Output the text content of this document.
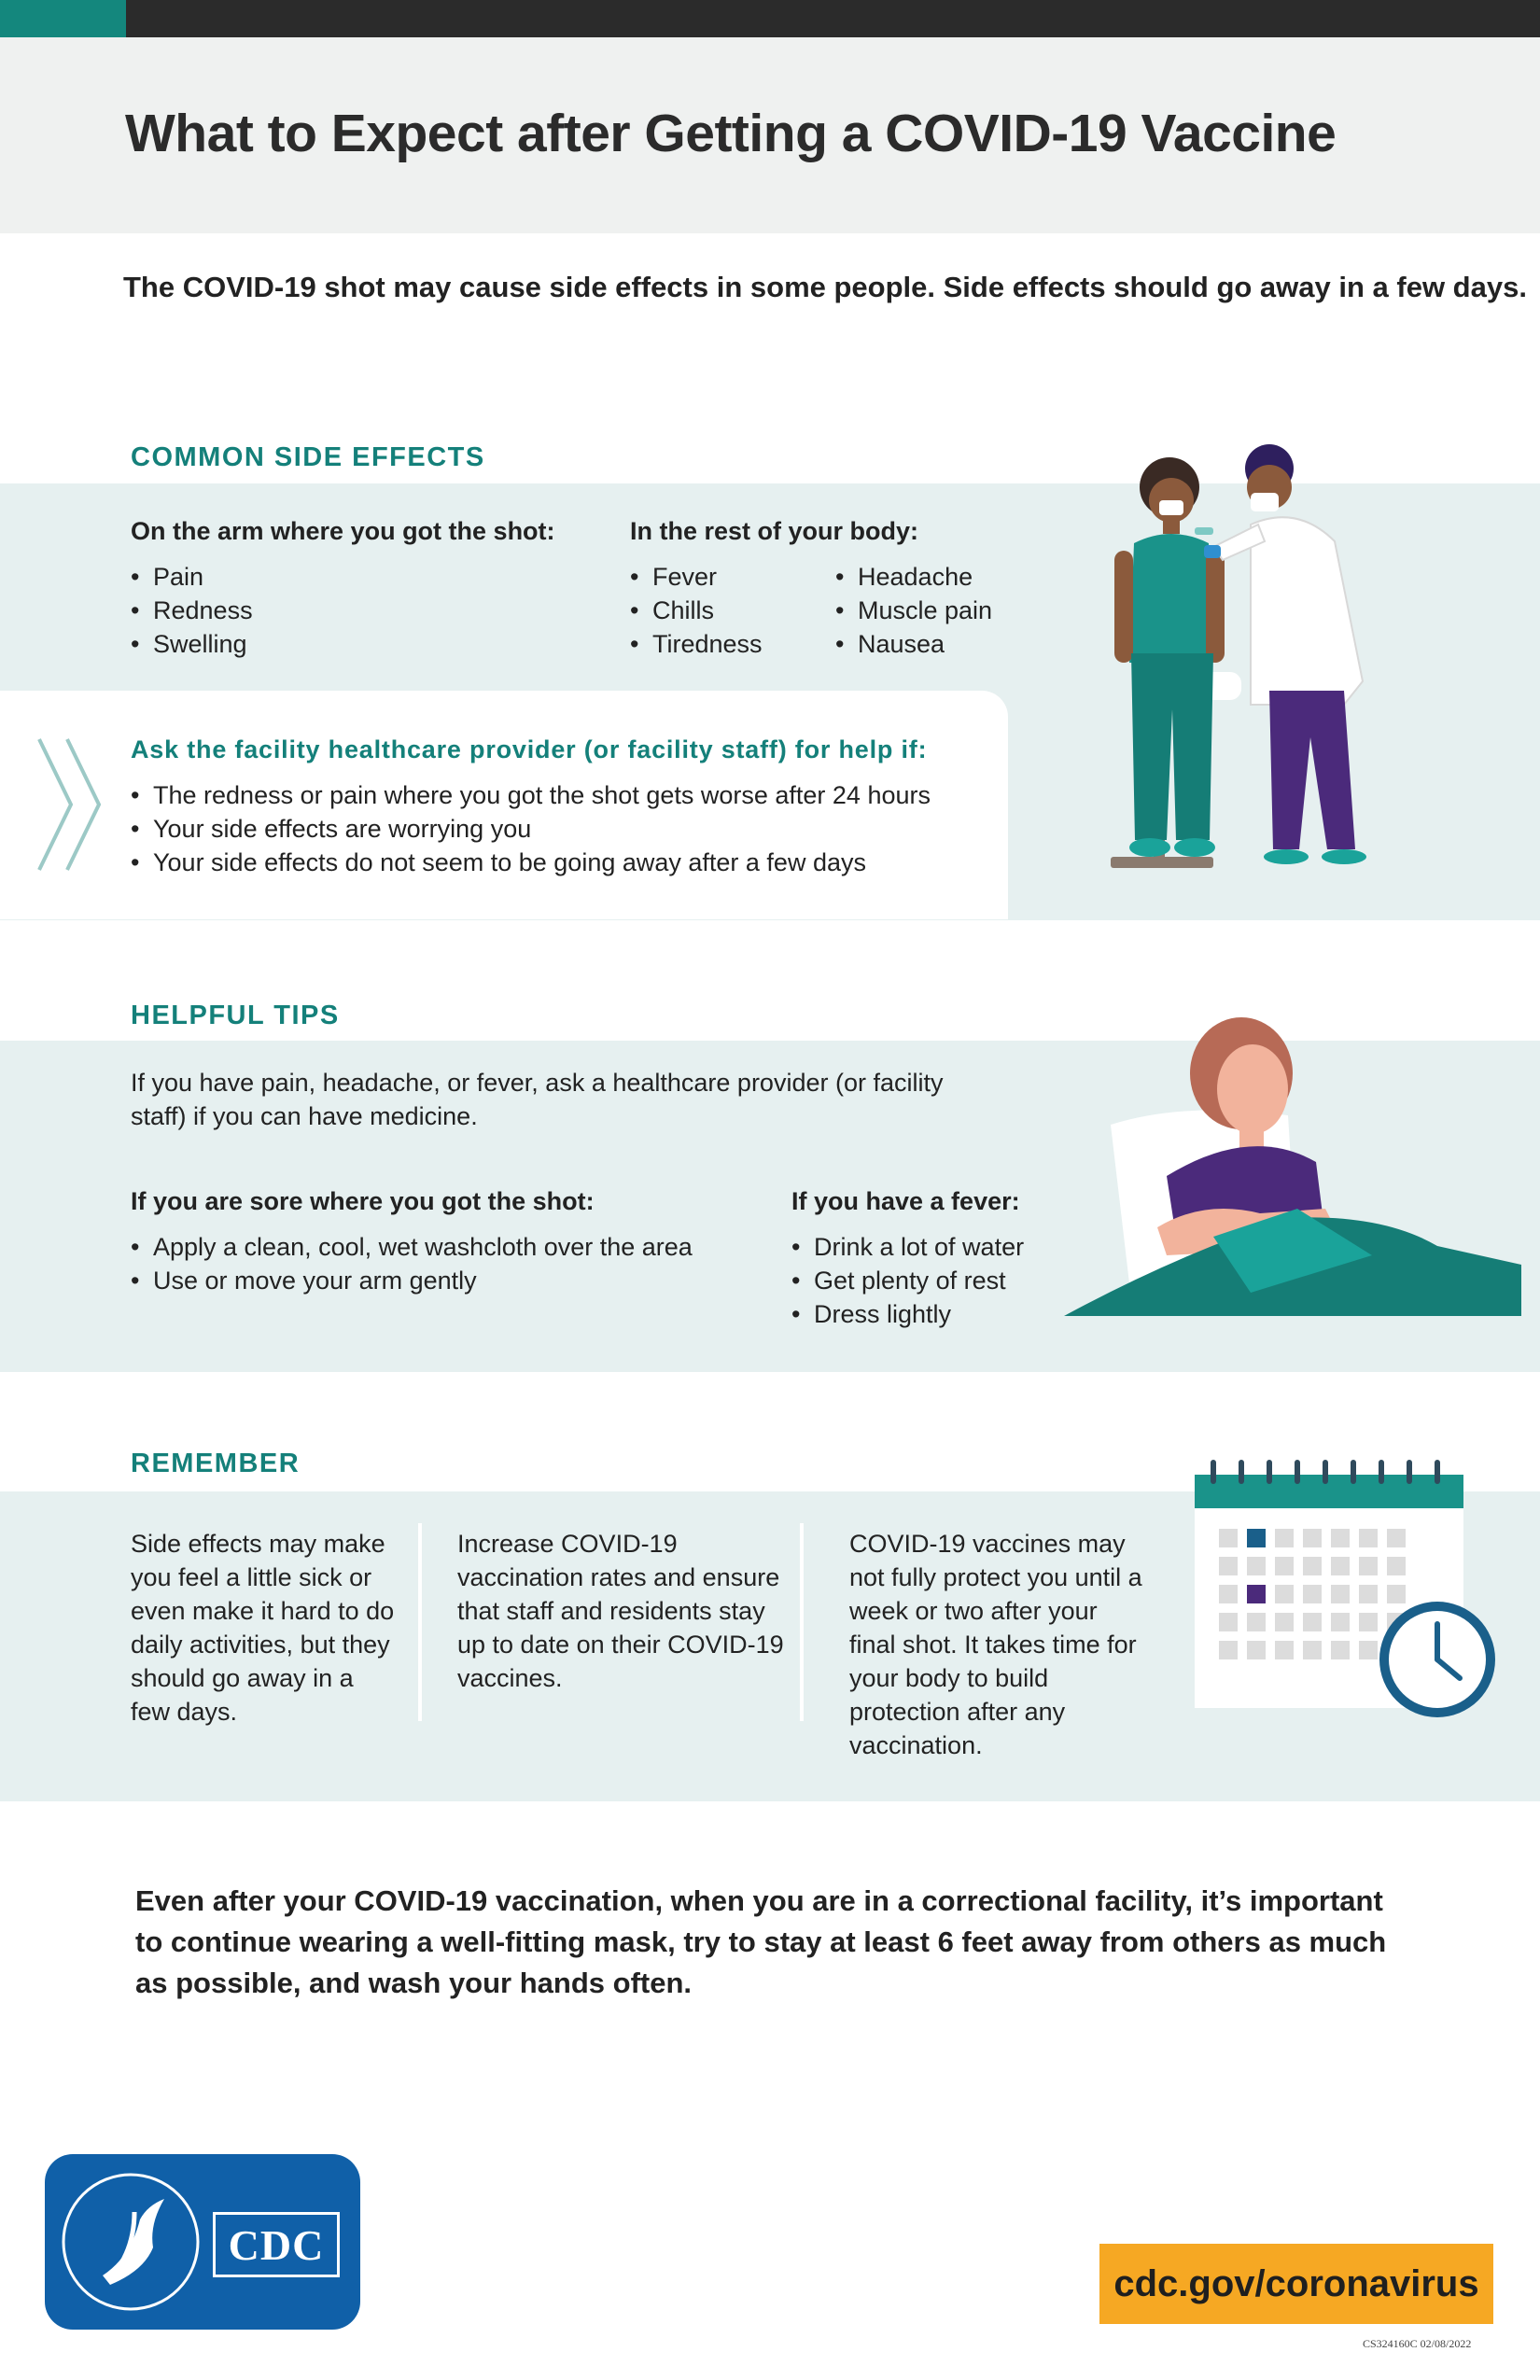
What to Expect after Getting a COVID-19 Vaccine

The COVID-19 shot may cause side effects in some people. Side effects should go away in a few days.

COMMON SIDE EFFECTS
On the arm where you got the shot:
• Pain
• Redness
• Swelling
In the rest of your body:
• Fever
• Chills
• Tiredness
• Headache
• Muscle pain
• Nausea
Ask the facility healthcare provider (or facility staff) for help if:
• The redness or pain where you got the shot gets worse after 24 hours
• Your side effects are worrying you
• Your side effects do not seem to be going away after a few days
HELPFUL TIPS

If you have pain, headache, or fever, ask a healthcare provider (or facility staff) if you can have medicine.

If you are sore where you got the shot:
• Apply a clean, cool, wet washcloth over the area
• Use or move your arm gently
If you have a fever:
• Drink a lot of water
• Get plenty of rest
• Dress lightly
REMEMBER

Side effects may make you feel a little sick or even make it hard to do daily activities, but they should go away in a few days.

Increase COVID-19 vaccination rates and ensure that staff and residents stay up to date on their COVID-19 vaccines.

COVID-19 vaccines may not fully protect you until a week or two after your final shot. It takes time for your body to build protection after any vaccination.

Even after your COVID-19 vaccination, when you are in a correctional facility, it’s important to continue wearing a well-fitting mask, try to stay at least 6 feet away from others as much as possible, and wash your hands often.

CDC
cdc.gov/coronavirus
CS324160C 02/08/2022
